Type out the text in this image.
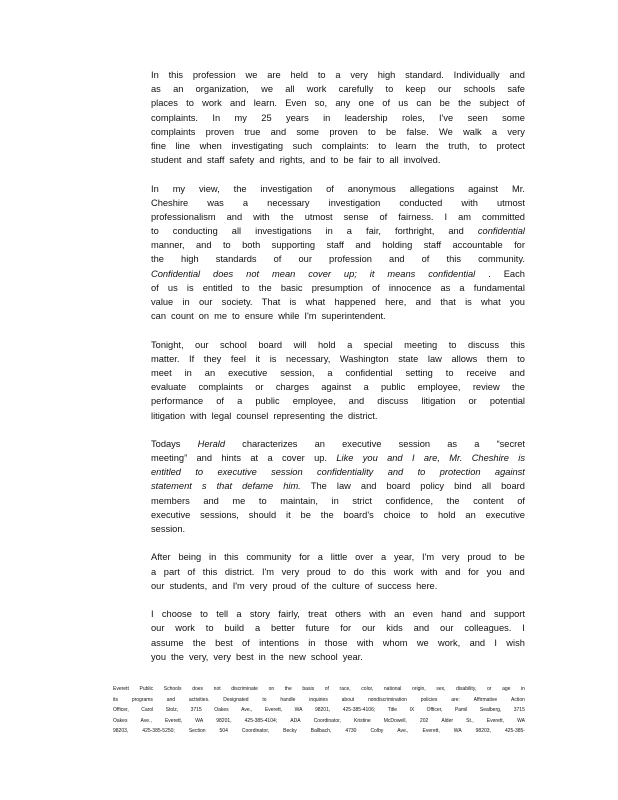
In this profession we are held to a very high standard. Individually and
as an organization, we all work carefully to keep our schools safe
places to work and learn. Even so, any one of us can be the subject of
complaints. In my 25 years in leadership roles, I've seen some
complaints proven true and some proven to be false. We walk a very
fine line when investigating such complaints: to learn the truth, to protect
student and staff safety and rights, and to be fair to all involved.
In my view, the investigation of anonymous allegations against Mr.
Cheshire was a necessary investigation conducted with utmost
professionalism and with the utmost sense of fairness. I am committed
to conducting all investigations in a fair, forthright, and confidential
manner, and to both supporting staff and holding staff accountable for
the high standards of our profession and of this community.
Confidential does not mean cover up; it means confidential . Each
of us is entitled to the basic presumption of innocence as a fundamental
value in our society. That is what happened here, and that is what you
can count on me to ensure while I'm superintendent.
Tonight, our school board will hold a special meeting to discuss this
matter. If they feel it is necessary, Washington state law allows them to
meet in an executive session, a confidential setting to receive and
evaluate complaints or charges against a public employee, review the
performance of a public employee, and discuss litigation or potential
litigation with legal counsel representing the district.
Todays Herald characterizes an executive session as a “secret
meeting” and hints at a cover up. Like you and I are, Mr. Cheshire is
entitled to executive session confidentiality and to protection against
statement s that defame him. The law and board policy bind all board
members and me to maintain, in strict confidence, the content of
executive sessions, should it be the board's choice to hold an executive
session.
After being in this community for a little over a year, I'm very proud to be
a part of this district. I'm very proud to do this work with and for you and
our students, and I'm very proud of the culture of success here.
I choose to tell a story fairly, treat others with an even hand and support
our work to build a better future for our kids and our colleagues. I
assume the best of intentions in those with whom we work, and I wish
you the very, very best in the new school year.
Everett Public Schools does not discriminate on the basis of race, color, national origin, sex, disability, or age in
its	programs	and	activities.	Designated	to	handle	inquiries	about	nondiscrimination	policies	are:	Affirmative	Action
Officer, Carol Stolz, 3715 Oakes Ave., Everett, WA 98201, 425-385-4106; Title IX Officer, Pamil Sealberg, 3715
Oakes	Ave.,	Everett,	WA	98201,	425-385-4104;	ADA	Coordinator,	Kristine	McDowell,	202	Alder	St.,	Everett,	WA
98203,	425-385-5250;	Section	504	Coordinator,	Becky	Ballbach,	4730	Colby	Ave.,	Everett,	WA	98203,	425-385-
